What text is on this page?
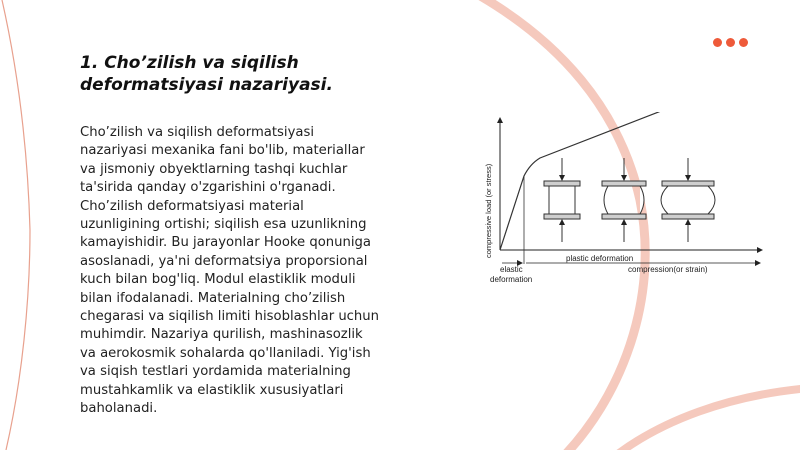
1. Cho’zilish va siqilish deformatsiyasi nazariyasi.
Cho’zilish va siqilish deformatsiyasi
nazariyasi mexanika fani bo'lib, materiallar
va jismoniy obyektlarning tashqi kuchlar
ta'sirida qanday o'zgarishini o'rganadi.
Cho’zilish deformatsiyasi material
uzunligining ortishi; siqilish esa uzunlikning
kamayishidir. Bu jarayonlar Hooke qonuniga
asoslanadi, ya'ni deformatsiya proporsional
kuch bilan bog'liq. Modul elastiklik moduli
bilan ifodalanadi. Materialning cho’zilish
chegarasi va siqilish limiti hisoblashlar uchun
muhimdir. Nazariya qurilish, mashinasozlik
va aerokosmik sohalarda qo'llaniladi. Yig'ish
va siqish testlari yordamida materialning
mustahkamlik va elastiklik xususiyatlari
baholanadi.
compressive load (or stress)
elastic
deformation
plastic deformation
compression(or strain)
